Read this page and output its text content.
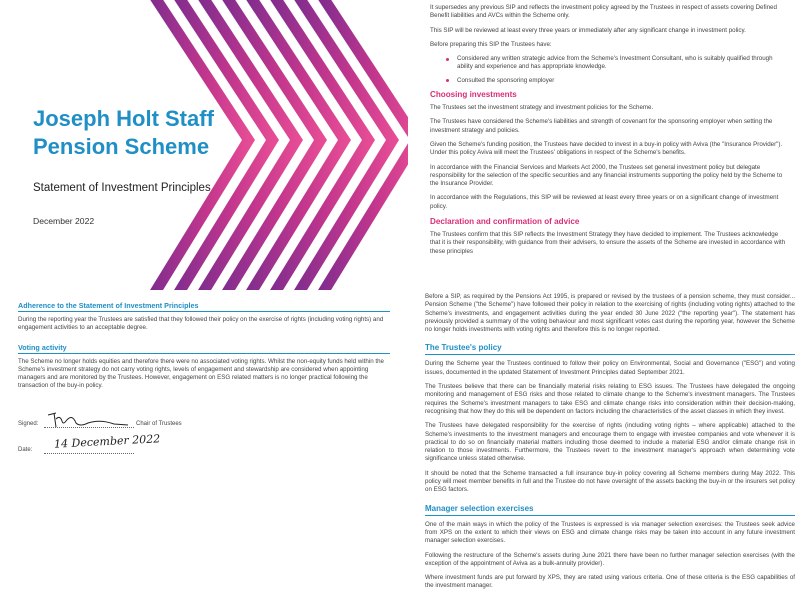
Joseph Holt Staff
Pension Scheme
Statement of Investment Principles
December 2022

It supersedes any previous SIP and reflects the investment policy agreed by the Trustees in respect of assets covering Defined Benefit liabilities and AVCs within the Scheme only.

This SIP will be reviewed at least every three years or immediately after any significant change in investment policy.

Before preparing this SIP the Trustees have:

Considered any written strategic advice from the Scheme's Investment Consultant, who is suitably qualified through ability and experience and has appropriate knowledge.
Consulted the sponsoring employer
Choosing investments

The Trustees set the investment strategy and investment policies for the Scheme.

The Trustees have considered the Scheme's liabilities and strength of covenant for the sponsoring employer when setting the investment strategy and policies.

Given the Scheme's funding position, the Trustees have decided to invest in a buy-in policy with Aviva (the "Insurance Provider"). Under this policy Aviva will meet the Trustees' obligations in respect of the Scheme's benefits.

In accordance with the Financial Services and Markets Act 2000, the Trustees set general investment policy but delegate responsibility for the selection of the specific securities and any financial instruments supporting the policy held by the Scheme to the Insurance Provider.

In accordance with the Regulations, this SIP will be reviewed at least every three years or on a significant change of investment policy.

Declaration and confirmation of advice

The Trustees confirm that this SIP reflects the Investment Strategy they have decided to implement. The Trustees acknowledge that it is their responsibility, with guidance from their advisers, to ensure the assets of the Scheme are invested in accordance with these principles

Adherence to the Statement of Investment Principles

During the reporting year the Trustees are satisfied that they followed their policy on the exercise of rights (including voting rights) and engagement activities to an acceptable degree.

Voting activity

The Scheme no longer holds equities and therefore there were no associated voting rights. Whilst the non-equity funds held within the Scheme's investment strategy do not carry voting rights, levels of engagement and stewardship are considered when appointing managers and are monitored by the Trustees. However, engagement on ESG related matters is no longer practical following the transaction of the buy-in policy.

Signed:	Chair of Trustees
Date: 14 December 2022

Before a SIP, as required by the Pensions Act 1995, is prepared or revised by the trustees of a pension scheme, they must consider... Pension Scheme ("the Scheme") have followed their policy in relation to the exercising of rights (including voting rights) attached to the Scheme's investments, and engagement activities during the year ended 30 June 2022 ("the reporting year"). The statement has previously provided a summary of the voting behaviour and most significant votes cast during the reporting year, however the Scheme no longer holds investments with voting rights and therefore this is no longer reported.

The Trustee's policy

During the Scheme year the Trustees continued to follow their policy on Environmental, Social and Governance ("ESG") and voting issues, documented in the updated Statement of Investment Principles dated September 2021.

The Trustees believe that there can be financially material risks relating to ESG issues. The Trustees have delegated the ongoing monitoring and management of ESG risks and those related to climate change to the Scheme's investment managers. The Trustees requires the Scheme's investment managers to take ESG and climate change risks into consideration within their decision-making, recognising that how they do this will be dependent on factors including the characteristics of the asset classes in which they invest.

The Trustees have delegated responsibility for the exercise of rights (including voting rights – where applicable) attached to the Scheme's investments to the investment managers and encourage them to engage with investee companies and vote whenever it is practical to do so on financially material matters including those deemed to include a material ESG and/or climate change risk in relation to those investments. Furthermore, the Trustees revert to the investment manager's approach when determining vote significance unless stated otherwise.

It should be noted that the Scheme transacted a full insurance buy-in policy covering all Scheme members during May 2022. This policy will meet member benefits in full and the Trustee do not have oversight of the assets backing the buy-in or the insurers set policy on ESG factors.

Manager selection exercises

One of the main ways in which the policy of the Trustees is expressed is via manager selection exercises: the Trustees seek advice from XPS on the extent to which their views on ESG and climate change risks may be taken into account in any future investment manager selection exercises.

Following the restructure of the Scheme's assets during June 2021 there have been no further manager selection exercises (with the exception of the appointment of Aviva as a bulk-annuity provider).

Where investment funds are put forward by XPS, they are rated using various criteria. One of these criteria is the ESG capabilities of the investment manager.
